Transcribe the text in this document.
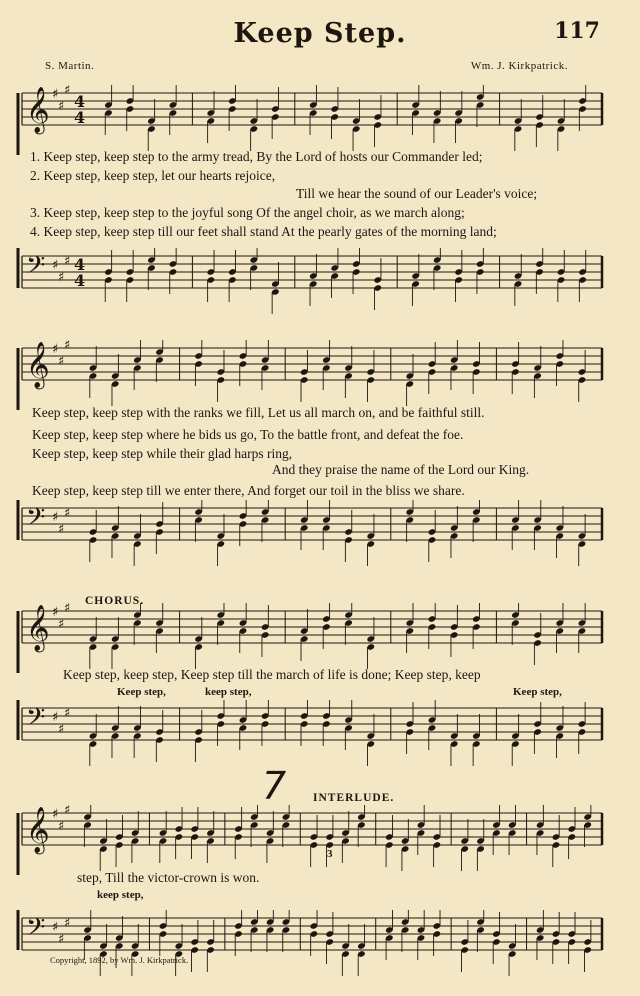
Keep Step.	117
S. Martin.	Wm. J. Kirkpatrick.
𝄞 ♯
♯
♯
4
4
𝄢 ♯
♯
♯ 4
4
1. Keep step, keep step to the army tread, By the Lord of hosts our Commander led;
2. Keep step, keep step, let our hearts rejoice,
Till we hear the sound of our Leader's voice;
3. Keep step, keep step to the joyful song Of the angel choir, as we march along;
4. Keep step, keep step till our feet shall stand At the pearly gates of the morning land;
𝄞 ♯
♯
♯
𝄢 ♯
♯
♯
Keep step, keep step with the ranks we fill, Let us all march on, and be faithful still.
Keep step, keep step where he bids us go, To the battle front, and defeat the foe.
Keep step, keep step while their glad harps ring,
And they praise the name of the Lord our King.
Keep step, keep step till we enter there, And forget our toil in the bliss we share.
𝄞 ♯
♯
♯
𝄢 ♯
♯
♯
CHORUS.
Keep step, keep step, Keep step till the march of life is done; Keep step, keep
Keep step,	keep step,	Keep step,
𝄞 ♯
♯
♯
𝄢 ♯
♯
♯
INTERLUDE.
7
3
step, Till the victor-crown is won.
keep step,
Copyright, 1892, by Wm. J. Kirkpatrick.
